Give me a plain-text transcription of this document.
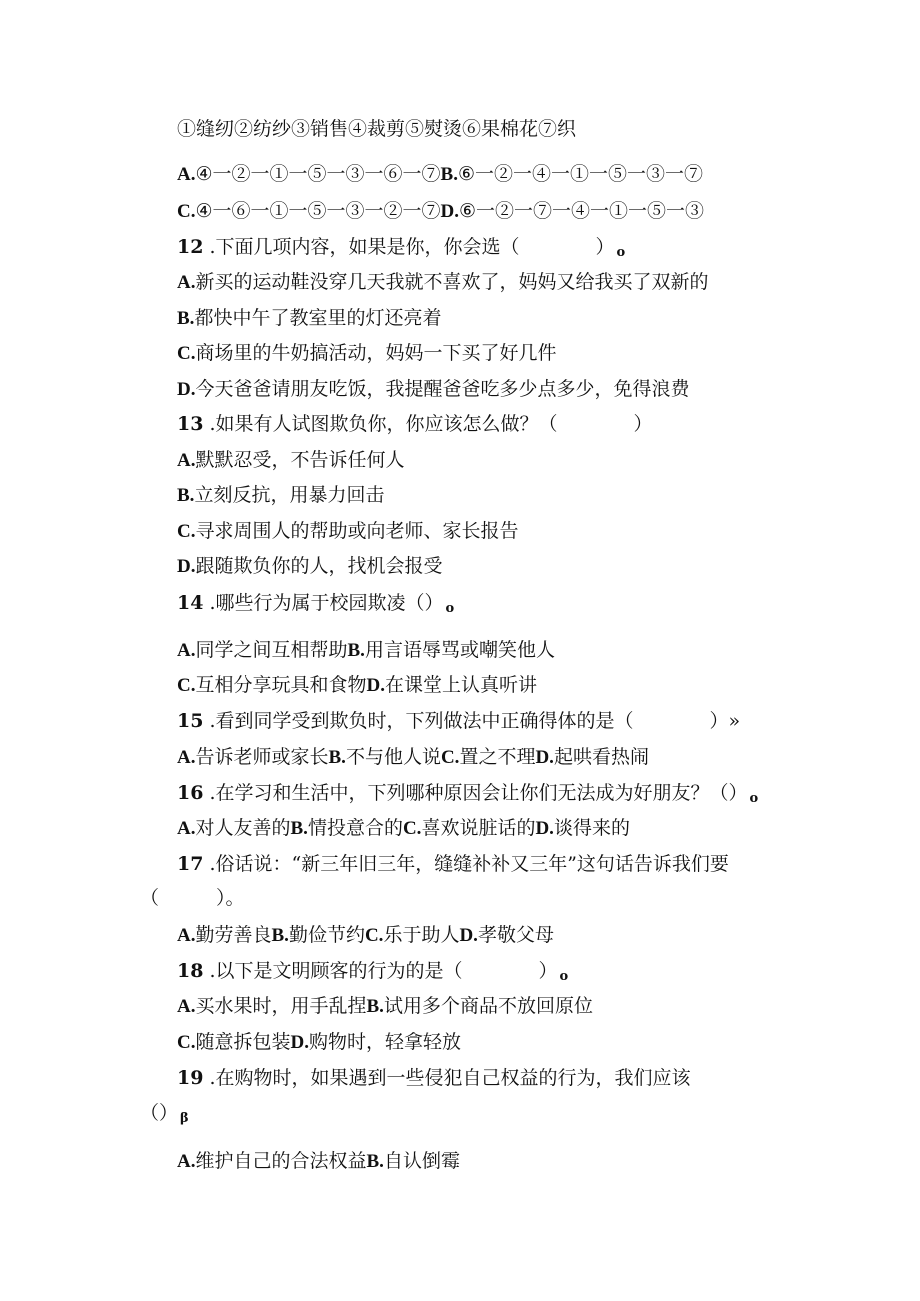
①缝纫②纺纱③销售④裁剪⑤熨烫⑥果棉花⑦织
A.④一②一①一⑤一③一⑥一⑦B.⑥一②一④一①一⑤一③一⑦
C.④一⑥一①一⑤一③一②一⑦D.⑥一②一⑦一④一①一⑤一③
12 .下面几项内容，如果是你，你会选（　　　　） o
A.新买的运动鞋没穿几天我就不喜欢了，妈妈又给我买了双新的
B.都快中午了教室里的灯还亮着
C.商场里的牛奶搞活动，妈妈一下买了好几件
D.今天爸爸请朋友吃饭，我提醒爸爸吃多少点多少，免得浪费
13 .如果有人试图欺负你，你应该怎么做？（　　　　）
A.默默忍受，不告诉任何人
B.立刻反抗，用暴力回击
C.寻求周围人的帮助或向老师、家长报告
D.跟随欺负你的人，找机会报受
14 .哪些行为属于校园欺凌（） o
A.同学之间互相帮助B.用言语辱骂或嘲笑他人
C.互相分享玩具和食物D.在课堂上认真听讲
15 .看到同学受到欺负时，下列做法中正确得体的是（　　　　）»
A.告诉老师或家长B.不与他人说C.置之不理D.起哄看热闹
16 .在学习和生活中，下列哪种原因会让你们无法成为好朋友？（） o
A.对人友善的B.情投意合的C.喜欢说脏话的D.谈得来的
17 .俗话说：“新三年旧三年，缝缝补补又三年”这句话告诉我们要
（　　　）。
A.勤劳善良B.勤俭节约C.乐于助人D.孝敬父母
18 .以下是文明顾客的行为的是（　　　　） o
A.买水果时，用手乱捏B.试用多个商品不放回原位
C.随意拆包装D.购物时，轻拿轻放
19 .在购物时，如果遇到一些侵犯自己权益的行为，我们应该
（） β
A.维护自己的合法权益B.自认倒霉
